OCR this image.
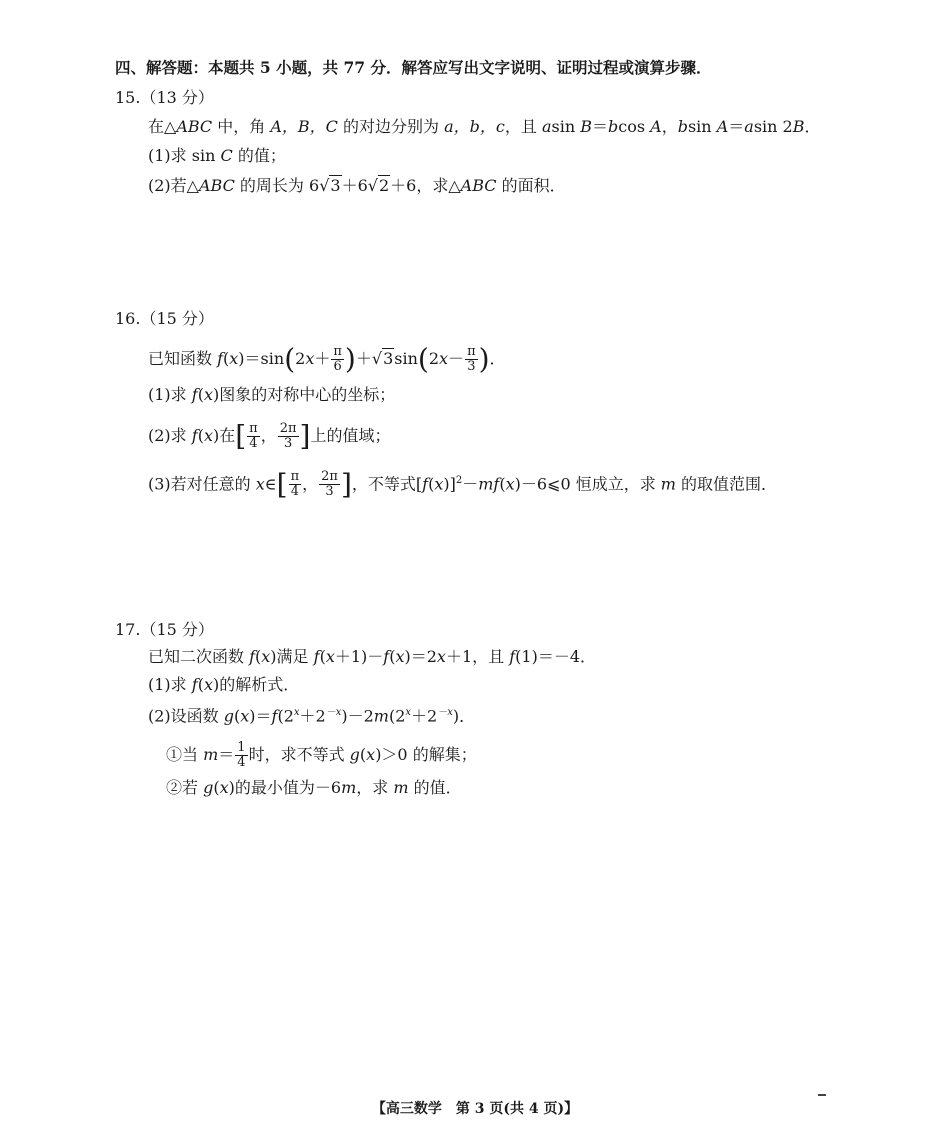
四、解答题：本题共 5 小题，共 77 分．解答应写出文字说明、证明过程或演算步骤．
15.（13 分）
在△ABC 中，角 A，B，C 的对边分别为 a，b，c，且 asin B＝bcos A，bsin A＝asin 2B．
(1)求 sin C 的值；
(2)若△ABC 的周长为 6√3＋6√2＋6，求△ABC 的面积．
16.（15 分）
已知函数 $f(x)=\sin(2x+ \frac{\pi}{6} )+√3\sin(2x- \frac{\pi}{3}$ )．
(1)求 f(x)图象的对称中心的坐标；
(2)求 f(x)在[ $\frac{\pi}{4}$ ， $\frac{2\pi}{3}$ ]上的值域；
(3)若对任意的 x∈[ $\frac{\pi}{4}$ ， $\frac{2\pi}{3}$ ]，不等式$[f(x)]^2-mf(x)-6⩽0$ 恒成立，求 m 的取值范围．
17.（15 分）
已知二次函数 f(x)满足 f(x＋1)－f(x)＝2x＋1，且 f(1)＝－4．
(1)求 f(x)的解析式．
(2)设函数 $g(x)=f(2^x+2^{-x})-2m(2^x+2^{-x})$．
①当 $m= \frac{1}{4}$ 时，求不等式 g(x)＞0 的解集；
②若 g(x)的最小值为－6m，求 m 的值．
【高三数学　第 3 页(共 4 页)】
